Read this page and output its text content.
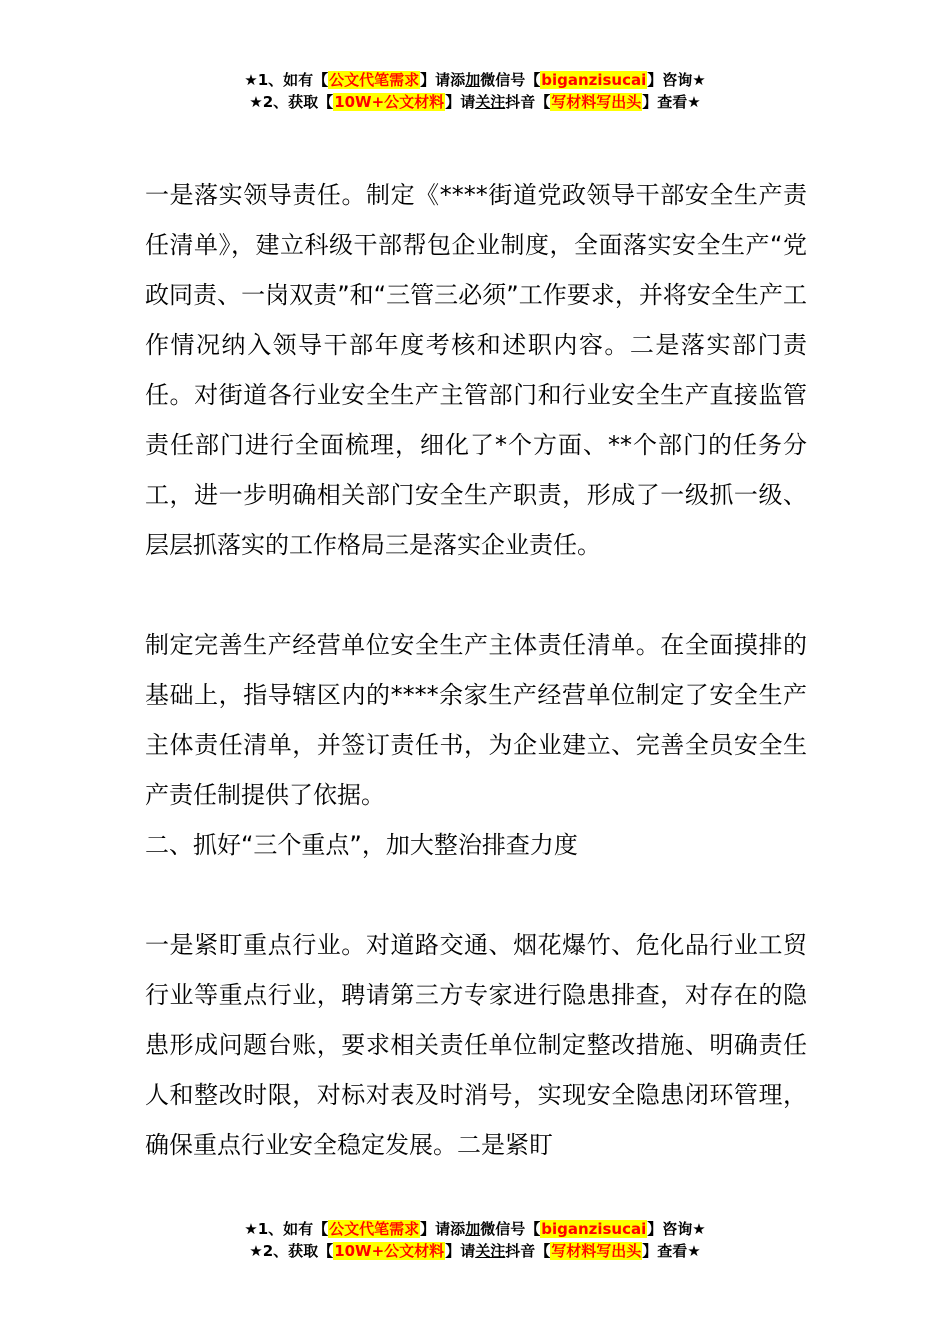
★1、如有【公文代笔需求】请添加微信号【biganzisucai】咨询★
★2、获取【10W+公文材料】请关注抖音【写材料写出头】查看★

一是落实领导责任。制定《****街道党政领导干部安全生产责任清单》，建立科级干部帮包企业制度，全面落实安全生产“党政同责、一岗双责”和“三管三必须”工作要求，并将安全生产工作情况纳入领导干部年度考核和述职内容。二是落实部门责任。对街道各行业安全生产主管部门和行业安全生产直接监管责任部门进行全面梳理，细化了*个方面、**个部门的任务分工，进一步明确相关部门安全生产职责，形成了一级抓一级、层层抓落实的工作格局三是落实企业责任。

制定完善生产经营单位安全生产主体责任清单。在全面摸排的基础上，指导辖区内的****余家生产经营单位制定了安全生产主体责任清单，并签订责任书，为企业建立、完善全员安全生产责任制提供了依据。

二、抓好“三个重点”，加大整治排查力度

一是紧盯重点行业。对道路交通、烟花爆竹、危化品行业工贸行业等重点行业，聘请第三方专家进行隐患排查，对存在的隐患形成问题台账，要求相关责任单位制定整改措施、明确责任人和整改时限，对标对表及时消号，实现安全隐患闭环管理，确保重点行业安全稳定发展。二是紧盯

★1、如有【公文代笔需求】请添加微信号【biganzisucai】咨询★
★2、获取【10W+公文材料】请关注抖音【写材料写出头】查看★
